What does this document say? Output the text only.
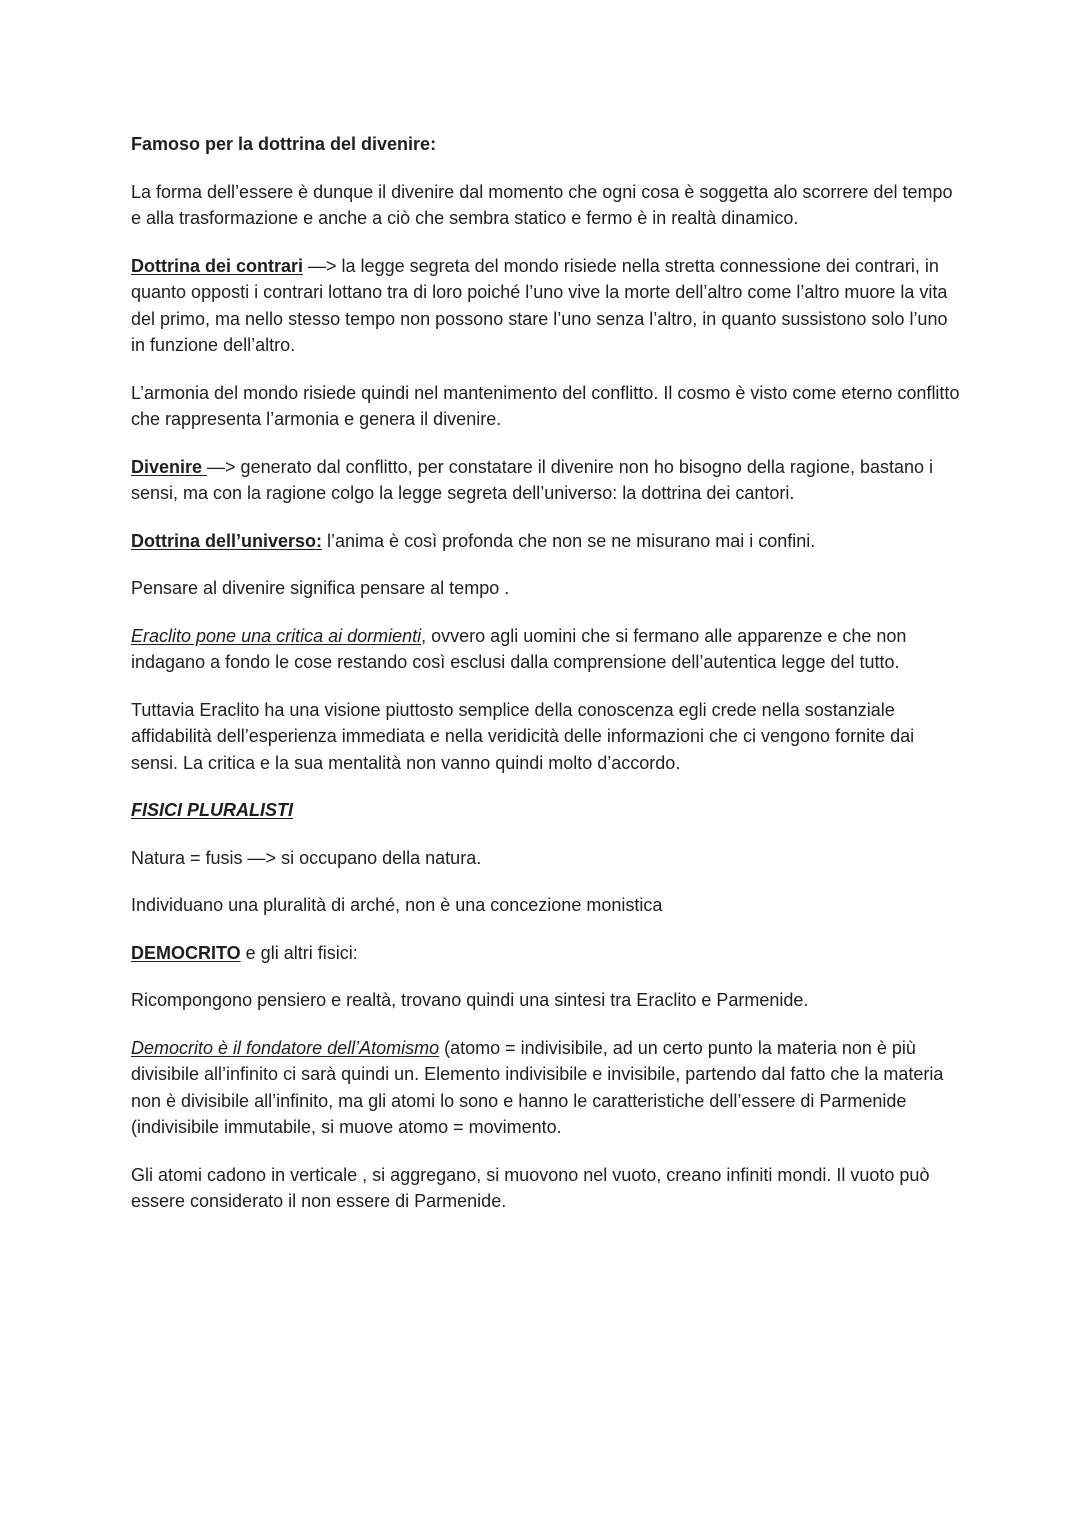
Famoso per la dottrina del divenire:

La forma dell’essere è dunque il divenire dal momento che ogni cosa è soggetta alo scorrere del tempo e alla trasformazione e anche a ciò che sembra statico e fermo è in realtà dinamico.

Dottrina dei contrari —> la legge segreta del mondo risiede nella stretta connessione dei contrari, in quanto opposti i contrari lottano tra di loro poiché l’uno vive la morte dell’altro come l’altro muore la vita del primo, ma nello stesso tempo non possono stare l’uno senza l’altro, in quanto sussistono solo l’uno in funzione dell’altro.

L’armonia del mondo risiede quindi nel mantenimento del conflitto. Il cosmo è visto come eterno conflitto che rappresenta l’armonia e genera il divenire.

Divenire —> generato dal conflitto, per constatare il divenire non ho bisogno della ragione, bastano i sensi, ma con la ragione colgo la legge segreta dell’universo: la dottrina dei cantori.

Dottrina dell’universo: l’anima è così profonda che non se ne misurano mai i confini.

Pensare al divenire significa pensare al tempo .

Eraclito pone una critica ai dormienti, ovvero agli uomini che si fermano alle apparenze e che non indagano a fondo le cose restando così esclusi dalla comprensione dell’autentica legge del tutto.

Tuttavia Eraclito ha una visione piuttosto semplice della conoscenza egli crede nella sostanziale affidabilità dell’esperienza immediata e nella veridicità delle informazioni che ci vengono fornite dai sensi. La critica e la sua mentalità non vanno quindi molto d’accordo.

FISICI PLURALISTI

Natura = fusis —> si occupano della natura.

Individuano una pluralità di arché, non è una concezione monistica

DEMOCRITO e gli altri fisici:

Ricompongono pensiero e realtà, trovano quindi una sintesi tra Eraclito e Parmenide.

Democrito è il fondatore dell’Atomismo (atomo = indivisibile, ad un certo punto la materia non è più divisibile all’infinito ci sarà quindi un. Elemento indivisibile e invisibile, partendo dal fatto che la materia non è divisibile all’infinito, ma gli atomi lo sono e hanno le caratteristiche dell’essere di Parmenide (indivisibile immutabile, si muove atomo = movimento.

Gli atomi cadono in verticale , si aggregano, si muovono nel vuoto, creano infiniti mondi. Il vuoto può essere considerato il non essere di Parmenide.
